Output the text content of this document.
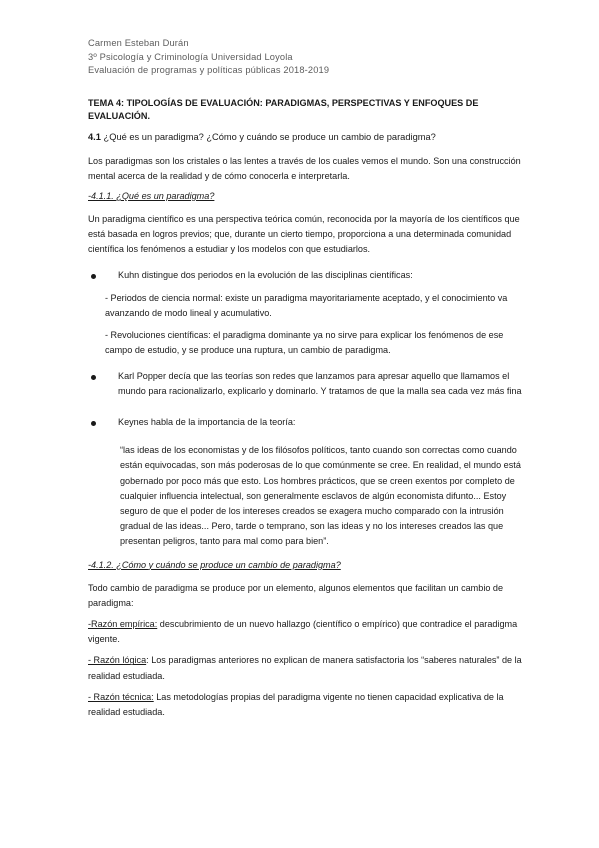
Carmen Esteban Durán
3º Psicología y Criminología Universidad Loyola
Evaluación de programas y políticas públicas 2018-2019
TEMA 4: TIPOLOGÍAS DE EVALUACIÓN: PARADIGMAS, PERSPECTIVAS Y ENFOQUES DE EVALUACIÓN.
4.1 ¿Qué es un paradigma? ¿Cómo y cuándo se produce un cambio de paradigma?

Los paradigmas son los cristales o las lentes a través de los cuales vemos el mundo. Son una construcción mental acerca de la realidad y de cómo conocerla e interpretarla.

-4.1.1. ¿Qué es un paradigma?

Un paradigma científico es una perspectiva teórica común, reconocida por la mayoría de los científicos que está basada en logros previos; que, durante un cierto tiempo, proporciona a una determinada comunidad científica los fenómenos a estudiar y los modelos con que estudiarlos.

Kuhn distingue dos periodos en la evolución de las disciplinas científicas:

- Periodos de ciencia normal: existe un paradigma mayoritariamente aceptado, y el conocimiento va avanzando de modo lineal y acumulativo.

- Revoluciones científicas: el paradigma dominante ya no sirve para explicar los fenómenos de ese campo de estudio, y se produce una ruptura, un cambio de paradigma.

Karl Popper decía que las teorías son redes que lanzamos para apresar aquello que llamamos el mundo para racionalizarlo, explicarlo y dominarlo. Y tratamos de que la malla sea cada vez más fina

Keynes habla de la importancia de la teoría:

“las ideas de los economistas y de los filósofos políticos, tanto cuando son correctas como cuando están equivocadas, son más poderosas de lo que comúnmente se cree. En realidad, el mundo está gobernado por poco más que esto. Los hombres prácticos, que se creen exentos por completo de cualquier influencia intelectual, son generalmente esclavos de algún economista difunto... Estoy seguro de que el poder de los intereses creados se exagera mucho comparado con la intrusión gradual de las ideas... Pero, tarde o temprano, son las ideas y no los intereses creados las que presentan peligros, tanto para mal como para bien”.
-4.1.2. ¿Cómo y cuándo se produce un cambio de paradigma?

Todo cambio de paradigma se produce por un elemento, algunos elementos que facilitan un cambio de paradigma:

-Razón empírica: descubrimiento de un nuevo hallazgo (científico o empírico) que contradice el paradigma vigente.

- Razón lógica: Los paradigmas anteriores no explican de manera satisfactoria los “saberes naturales” de la realidad estudiada.

- Razón técnica: Las metodologías propias del paradigma vigente no tienen capacidad explicativa de la realidad estudiada.
